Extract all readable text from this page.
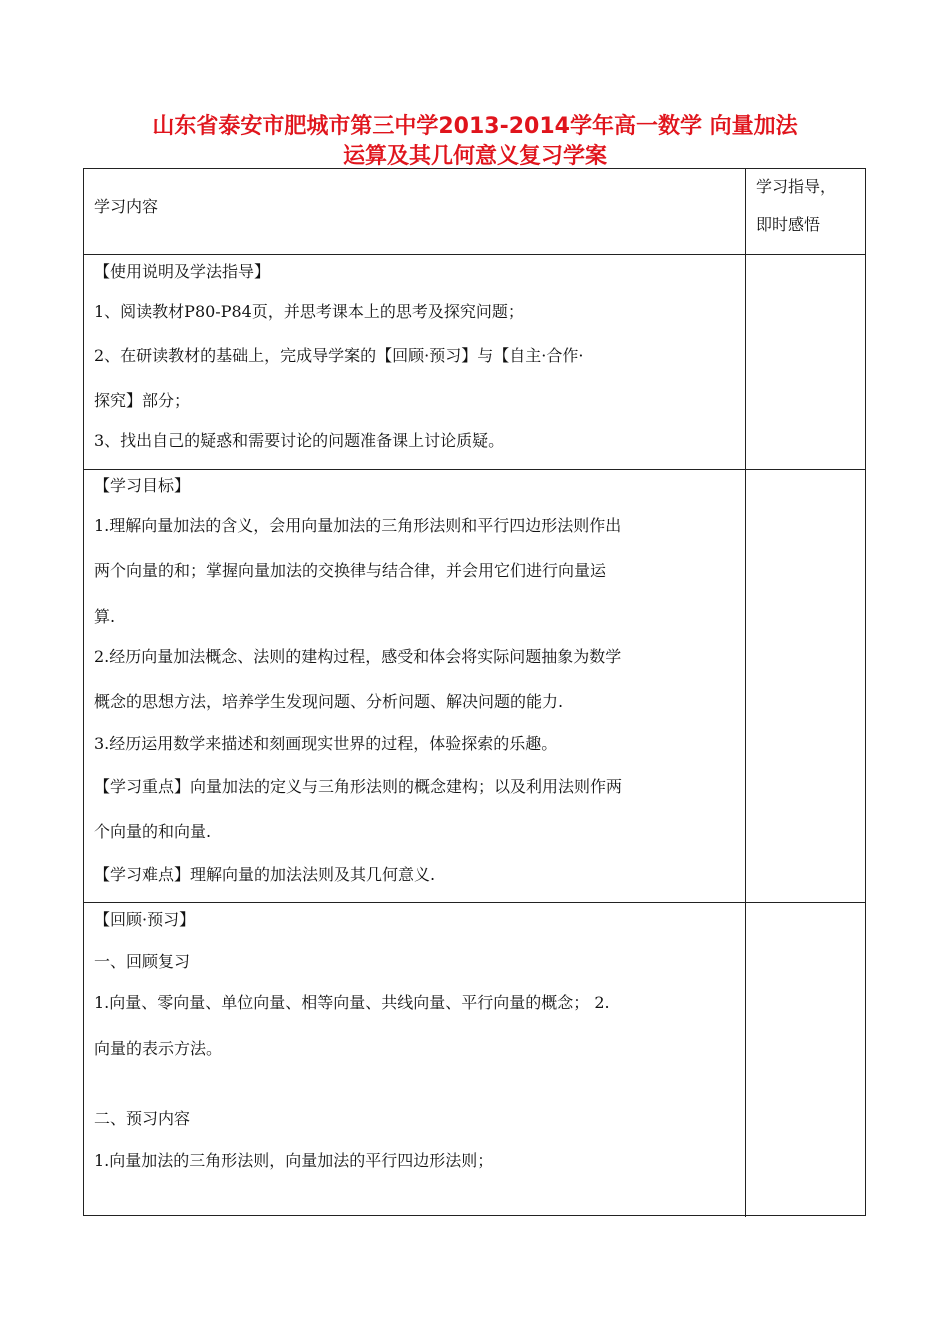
山东省泰安市肥城市第三中学2013-2014学年高一数学 向量加法
运算及其几何意义复习学案
学习内容
学习指导，
即时感悟
【使用说明及学法指导】
1、阅读教材P80-P84页，并思考课本上的思考及探究问题；
2、在研读教材的基础上，完成导学案的【回顾·预习】与【自主·合作·
探究】部分；
3、找出自己的疑惑和需要讨论的问题准备课上讨论质疑。
【学习目标】
1.理解向量加法的含义，会用向量加法的三角形法则和平行四边形法则作出
两个向量的和；掌握向量加法的交换律与结合律，并会用它们进行向量运
算.
2.经历向量加法概念、法则的建构过程，感受和体会将实际问题抽象为数学
概念的思想方法，培养学生发现问题、分析问题、解决问题的能力.
3.经历运用数学来描述和刻画现实世界的过程，体验探索的乐趣。
【学习重点】向量加法的定义与三角形法则的概念建构；以及利用法则作两
个向量的和向量.
【学习难点】理解向量的加法法则及其几何意义.
【回顾·预习】
一、回顾复习
1.向量、零向量、单位向量、相等向量、共线向量、平行向量的概念； 2.
向量的表示方法。
二、预习内容
1.向量加法的三角形法则，向量加法的平行四边形法则；
